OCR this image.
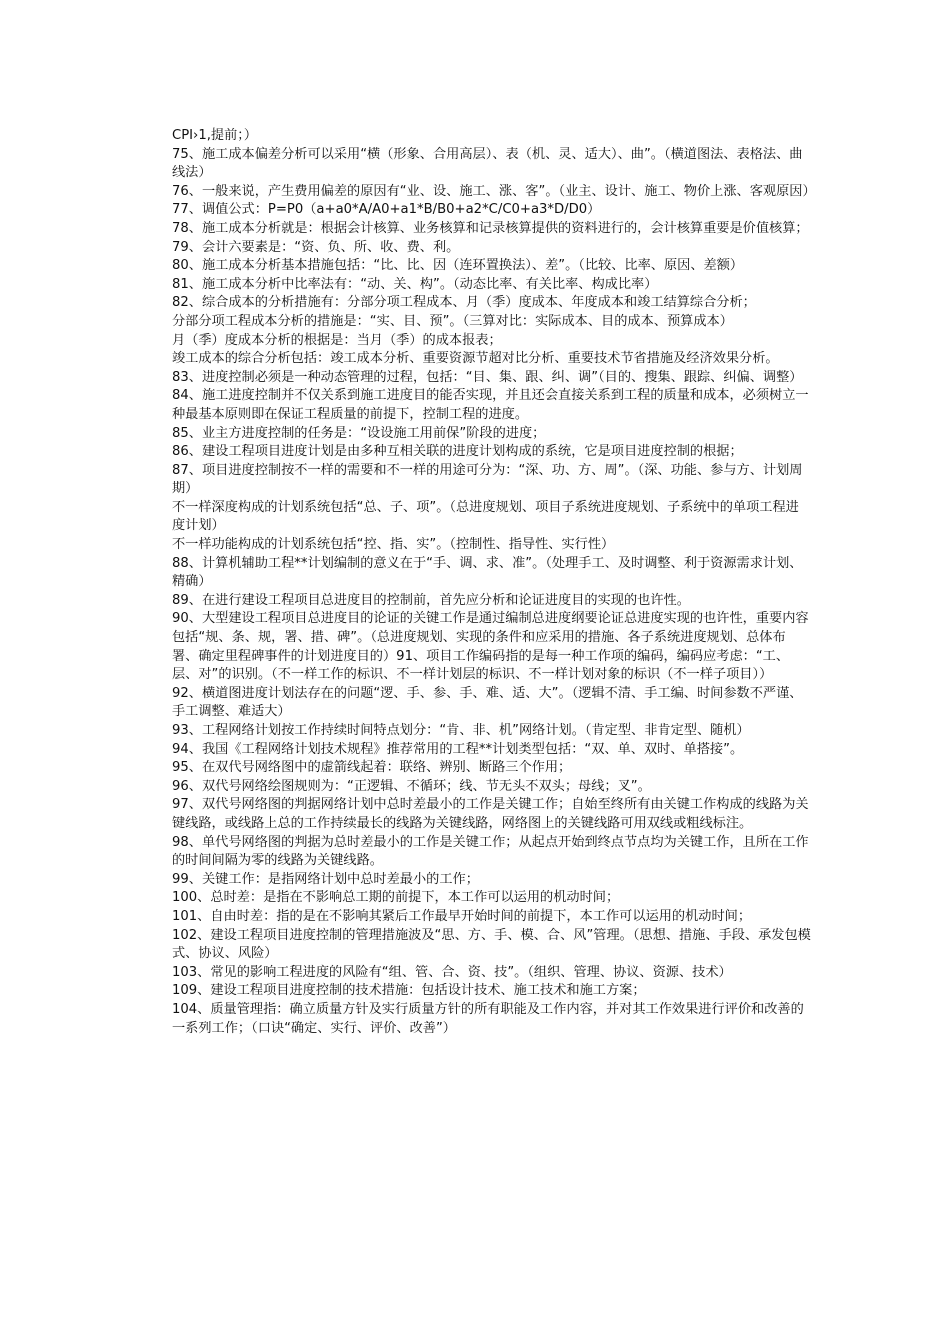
CPI›1,提前；）

75、施工成本偏差分析可以采用“横（形象、合用高层）、表（机、灵、适大）、曲”。（横道图法、表格法、曲线法）

76、一般来说，产生费用偏差的原因有“业、设、施工、涨、客”。（业主、设计、施工、物价上涨、客观原因）

77、调值公式：P=P0（a+a0*A/A0+a1*B/B0+a2*C/C0+a3*D/D0）

78、施工成本分析就是：根据会计核算、业务核算和记录核算提供的资料进行的，会计核算重要是价值核算；

79、会计六要素是：“资、负、所、收、费、利。

80、施工成本分析基本措施包括：“比、比、因（连环置换法）、差”。（比较、比率、原因、差额）

81、施工成本分析中比率法有：“动、关、构”。（动态比率、有关比率、构成比率）

82、综合成本的分析措施有：分部分项工程成本、月（季）度成本、年度成本和竣工结算综合分析；

分部分项工程成本分析的措施是：“实、目、预”。（三算对比：实际成本、目的成本、预算成本）

月（季）度成本分析的根据是：当月（季）的成本报表；

竣工成本的综合分析包括：竣工成本分析、重要资源节超对比分析、重要技术节省措施及经济效果分析。

83、进度控制必须是一种动态管理的过程，包括：“目、集、跟、纠、调”（目的、搜集、跟踪、纠偏、调整）

84、施工进度控制并不仅关系到施工进度目的能否实现，并且还会直接关系到工程的质量和成本，必须树立一种最基本原则即在保证工程质量的前提下，控制工程的进度。

85、业主方进度控制的任务是：“设设施工用前保”阶段的进度；

86、建设工程项目进度计划是由多种互相关联的进度计划构成的系统，它是项目进度控制的根据；

87、项目进度控制按不一样的需要和不一样的用途可分为：“深、功、方、周”。（深、功能、参与方、计划周期）

不一样深度构成的计划系统包括“总、子、项”。（总进度规划、项目子系统进度规划、子系统中的单项工程进度计划）

不一样功能构成的计划系统包括“控、指、实”。（控制性、指导性、实行性）

88、计算机辅助工程**计划编制的意义在于“手、调、求、准”。（处理手工、及时调整、利于资源需求计划、精确）

89、在进行建设工程项目总进度目的控制前，首先应分析和论证进度目的实现的也许性。

90、大型建设工程项目总进度目的论证的关键工作是通过编制总进度纲要论证总进度实现的也许性，重要内容包括“规、条、规，署、措、碑”。（总进度规划、实现的条件和应采用的措施、各子系统进度规划、总体布署、确定里程碑事件的计划进度目的）91、项目工作编码指的是每一种工作项的编码，编码应考虑：“工、层、对”的识别。（不一样工作的标识、不一样计划层的标识、不一样计划对象的标识（不一样子项目））

92、横道图进度计划法存在的问题“逻、手、参、手、难、适、大”。（逻辑不清、手工编、时间参数不严谨、手工调整、难适大）

93、工程网络计划按工作持续时间特点划分：“肯、非、机”网络计划。（肯定型、非肯定型、随机）

94、我国《工程网络计划技术规程》推荐常用的工程**计划类型包括：“双、单、双时、单搭接”。

95、在双代号网络图中的虚箭线起着：联络、辨别、断路三个作用；

96、双代号网络绘图规则为：“正逻辑、不循环；线、节无头不双头；母线；叉”。

97、双代号网络图的判据网络计划中总时差最小的工作是关键工作；自始至终所有由关键工作构成的线路为关键线路，或线路上总的工作持续最长的线路为关键线路，网络图上的关键线路可用双线或粗线标注。

98、单代号网络图的判据为总时差最小的工作是关键工作；从起点开始到终点节点均为关键工作，且所在工作的时间间隔为零的线路为关键线路。

99、关键工作：是指网络计划中总时差最小的工作；

100、总时差：是指在不影响总工期的前提下，本工作可以运用的机动时间；

101、自由时差：指的是在不影响其紧后工作最早开始时间的前提下，本工作可以运用的机动时间；

102、建设工程项目进度控制的管理措施波及“思、方、手、模、合、风”管理。（思想、措施、手段、承发包模式、协议、风险）

103、常见的影响工程进度的风险有“组、管、合、资、技”。（组织、管理、协议、资源、技术）

109、建设工程项目进度控制的技术措施：包括设计技术、施工技术和施工方案；

104、质量管理指：确立质量方针及实行质量方针的所有职能及工作内容，并对其工作效果进行评价和改善的一系列工作；（口诀“确定、实行、评价、改善”）
